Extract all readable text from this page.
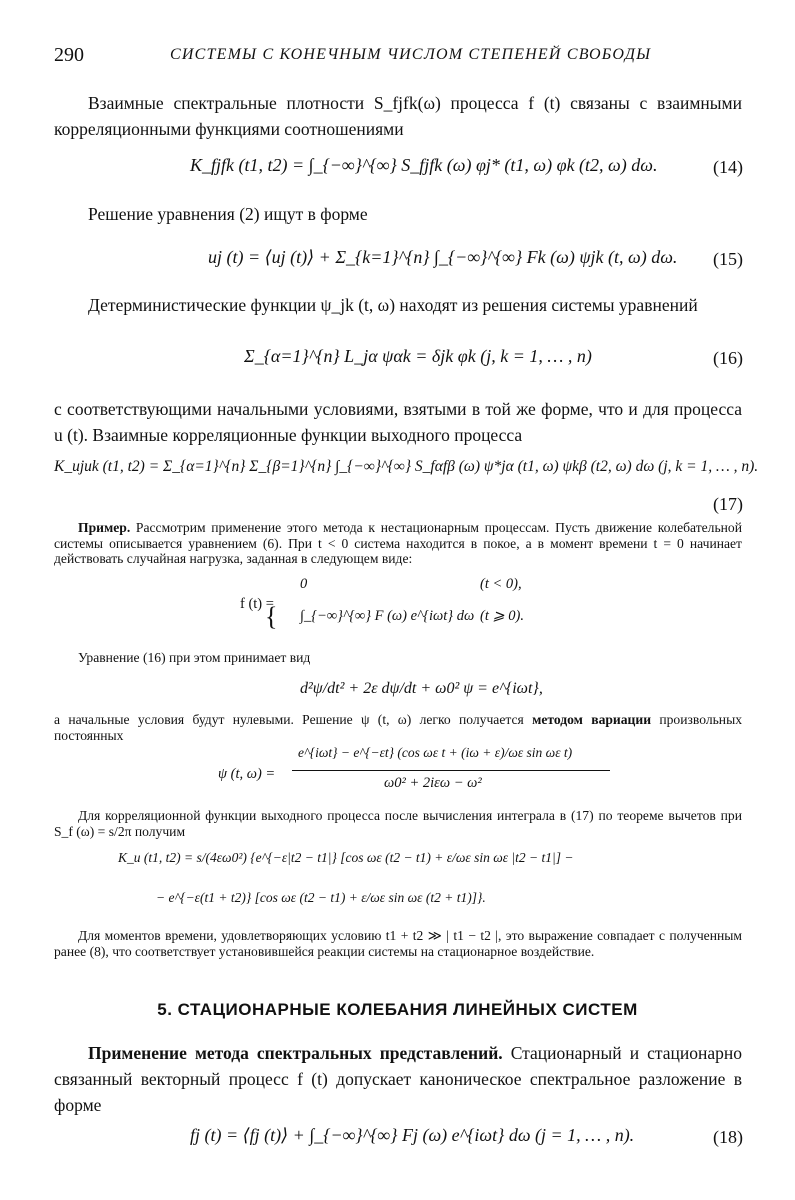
290	СИСТЕМЫ С КОНЕЧНЫМ ЧИСЛОМ СТЕПЕНЕЙ СВОБОДЫ
Взаимные спектральные плотности S_fjfk(ω) процесса f (t) связаны с взаимными корреляционными функциями соотношениями
K_fjfk (t1, t2) = ∫_{−∞}^{∞} S_fjfk (ω) φj* (t1, ω) φk (t2, ω) dω.	(14)
Решение уравнения (2) ищут в форме
uj (t) = ⟨uj (t)⟩ + Σ_{k=1}^{n} ∫_{−∞}^{∞} Fk (ω) ψjk (t, ω) dω. (15)
Детерминистические функции ψ_jk (t, ω) находят из решения системы уравнений
Σ_{α=1}^{n} L_jα ψαk = δjk φk (j, k = 1, … , n)	(16)
с соответствующими начальными условиями, взятыми в той же форме, что и для процесса u (t). Взаимные корреляционные функции выходного процесса
K_ujuk (t1, t2) = Σ_{α=1}^{n} Σ_{β=1}^{n} ∫_{−∞}^{∞} S_fαfβ (ω) ψ*jα (t1, ω) ψkβ (t2, ω) dω (j, k = 1, … , n).
(17)
Пример. Рассмотрим применение этого метода к нестационарным процессам. Пусть движение колебательной системы описывается уравнением (6). При t < 0 система находится в покое, а в момент времени t = 0 начинает действовать случайная нагрузка, заданная в следующем виде:
{
f (t) =
0	(t < 0),
∫_{−∞}^{∞} F (ω) e^{iωt} dω (t ⩾ 0).
Уравнение (16) при этом принимает вид
d²ψ/dt² + 2ε dψ/dt + ω0² ψ = e^{iωt},
а начальные условия будут нулевыми. Решение ψ (t, ω) легко получается методом вариации произвольных постоянных
ψ (t, ω) =
e^{iωt} − e^{−εt} (cos ωε t + (iω + ε)/ωε sin ωε t)
ω0² + 2iεω − ω²
Для корреляционной функции выходного процесса после вычисления интеграла в (17) по теореме вычетов при S_f (ω) = s/2π получим
K_u (t1, t2) = s/(4εω0²) {e^{−ε|t2 − t1|} [cos ωε (t2 − t1) + ε/ωε sin ωε |t2 − t1|] −
− e^{−ε(t1 + t2)} [cos ωε (t2 − t1) + ε/ωε sin ωε (t2 + t1)]}.
Для моментов времени, удовлетворяющих условию t1 + t2 ≫ | t1 − t2 |, это выражение совпадает с полученным ранее (8), что соответствует установившейся реакции системы на стационарное воздействие.
5. СТАЦИОНАРНЫЕ КОЛЕБАНИЯ ЛИНЕЙНЫХ СИСТЕМ
Применение метода спектральных представлений. Стационарный и стационарно связанный векторный процесс f (t) допускает каноническое спектральное разложение в форме
fj (t) = ⟨fj (t)⟩ + ∫_{−∞}^{∞} Fj (ω) e^{iωt} dω (j = 1, … , n).	(18)
